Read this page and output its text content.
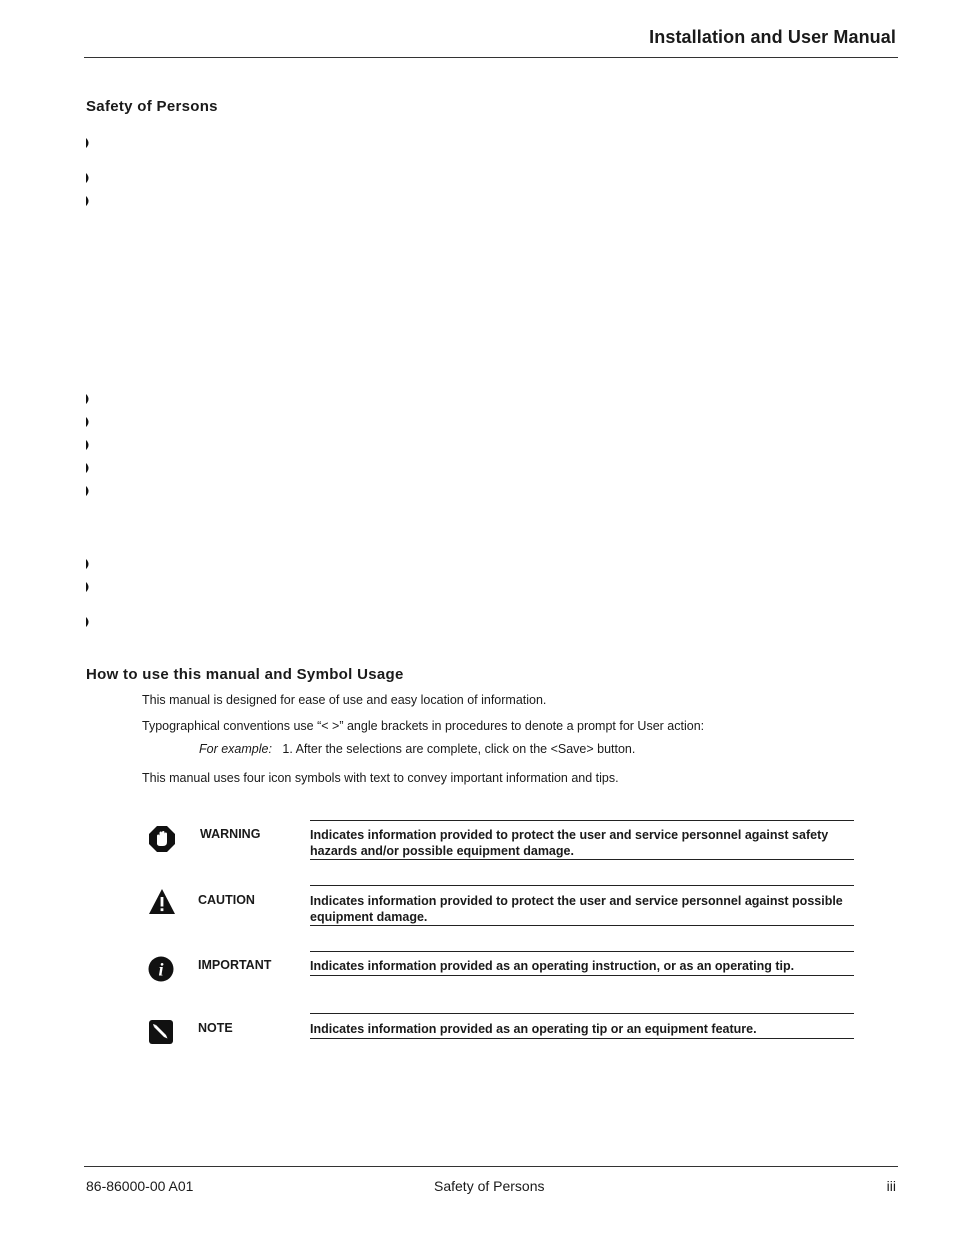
Installation and User Manual
Safety of Persons
How to use this manual and Symbol Usage
This manual is designed for ease of use and easy location of information.
Typographical conventions use “< >” angle brackets in procedures to denote a prompt for User action:
For example: 1. After the selections are complete, click on the <Save> button.
This manual uses four icon symbols with text to convey important information and tips.
WARNING	Indicates information provided to protect the user and service personnel against safety hazards and/or possible equipment damage.
CAUTION	Indicates information provided to protect the user and service personnel against possible equipment damage.
i	IMPORTANT	Indicates information provided as an operating instruction, or as an operating tip.
NOTE	Indicates information provided as an operating tip or an equipment feature.
86-86000-00 A01	Safety of Persons	iii
